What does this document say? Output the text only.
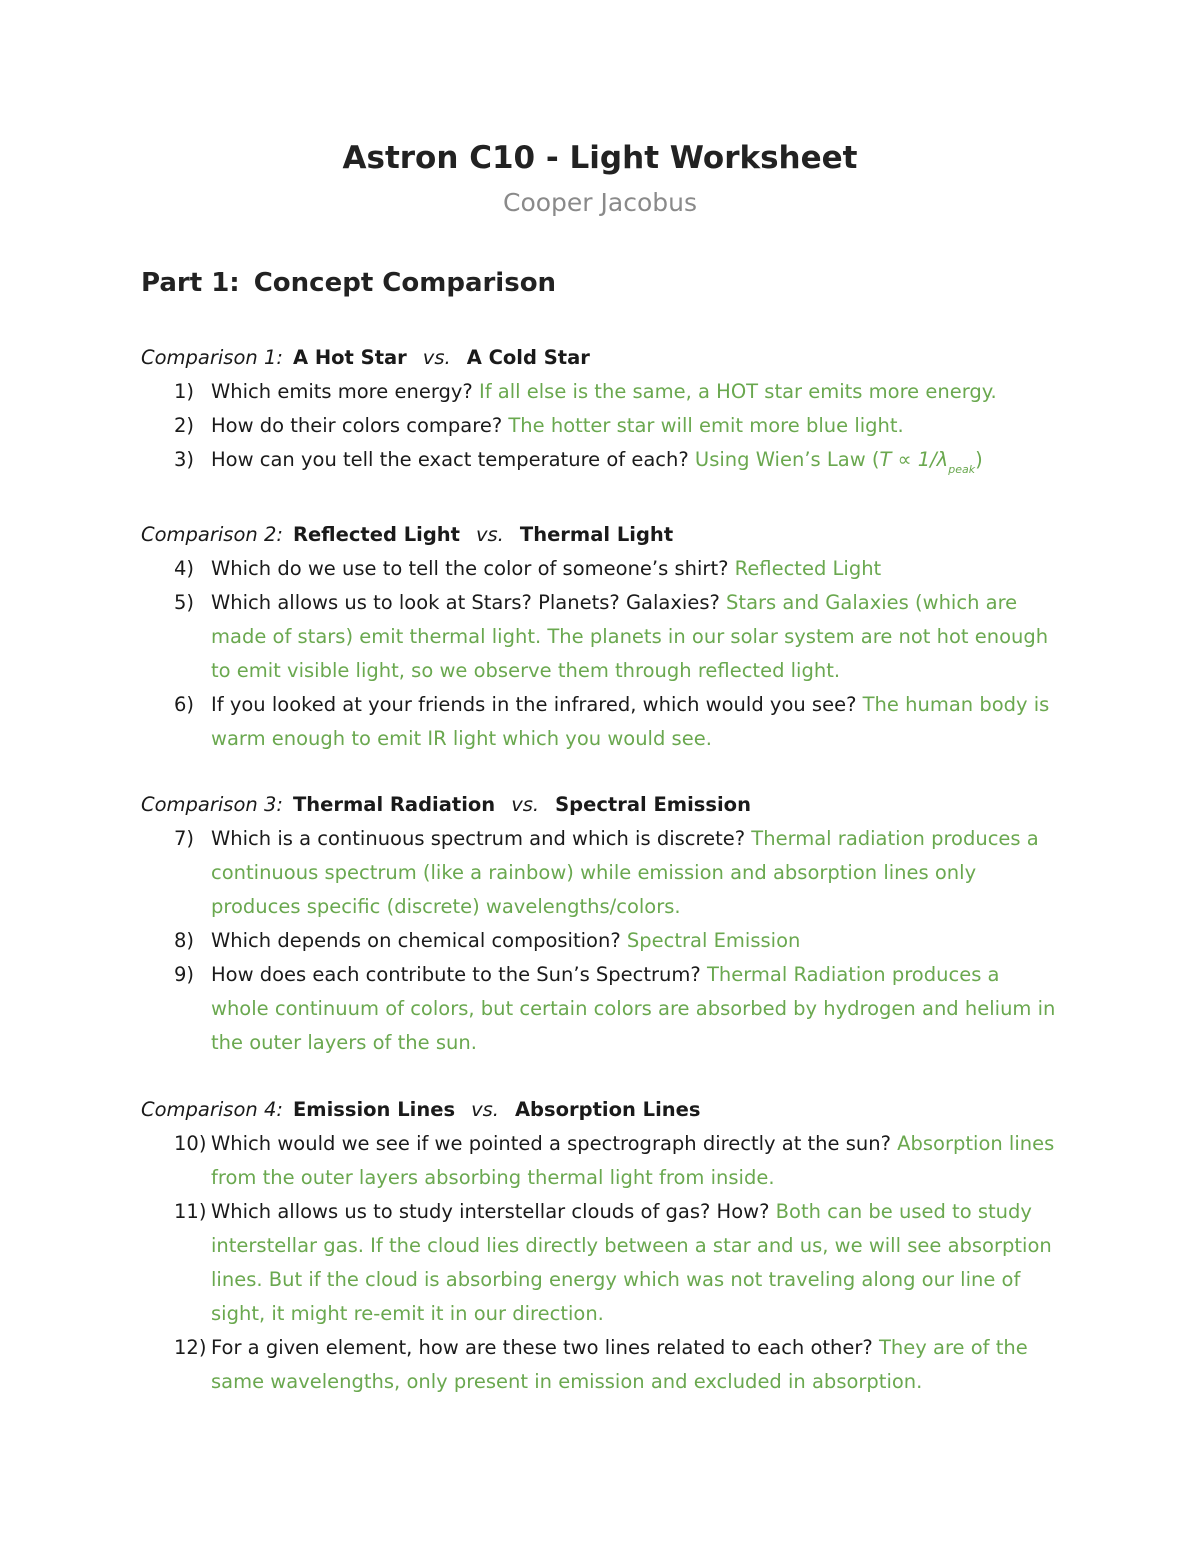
Astron C10 - Light Worksheet
Cooper Jacobus
Part 1: Concept Comparison
Comparison 1: A Hot Star vs. A Cold Star
1) Which emits more energy? If all else is the same, a HOT star emits more energy.
2) How do their colors compare? The hotter star will emit more blue light.
3) How can you tell the exact temperature of each? Using Wien’s Law $(T \propto 1/\lambda_{peak})$
Comparison 2: Reflected Light vs. Thermal Light
4) Which do we use to tell the color of someone’s shirt? Reflected Light
5) Which allows us to look at Stars? Planets? Galaxies? Stars and Galaxies (which are made of stars) emit thermal light. The planets in our solar system are not hot enough to emit visible light, so we observe them through reflected light.
6) If you looked at your friends in the infrared, which would you see? The human body is warm enough to emit IR light which you would see.
Comparison 3: Thermal Radiation vs. Spectral Emission
7) Which is a continuous spectrum and which is discrete? Thermal radiation produces a continuous spectrum (like a rainbow) while emission and absorption lines only produces specific (discrete) wavelengths/colors.
8) Which depends on chemical composition? Spectral Emission
9) How does each contribute to the Sun’s Spectrum? Thermal Radiation produces a whole continuum of colors, but certain colors are absorbed by hydrogen and helium in the outer layers of the sun.
Comparison 4: Emission Lines vs. Absorption Lines
10) Which would we see if we pointed a spectrograph directly at the sun? Absorption lines from the outer layers absorbing thermal light from inside.
11) Which allows us to study interstellar clouds of gas? How? Both can be used to study interstellar gas. If the cloud lies directly between a star and us, we will see absorption lines. But if the cloud is absorbing energy which was not traveling along our line of sight, it might re-emit it in our direction.
12) For a given element, how are these two lines related to each other? They are of the same wavelengths, only present in emission and excluded in absorption.
